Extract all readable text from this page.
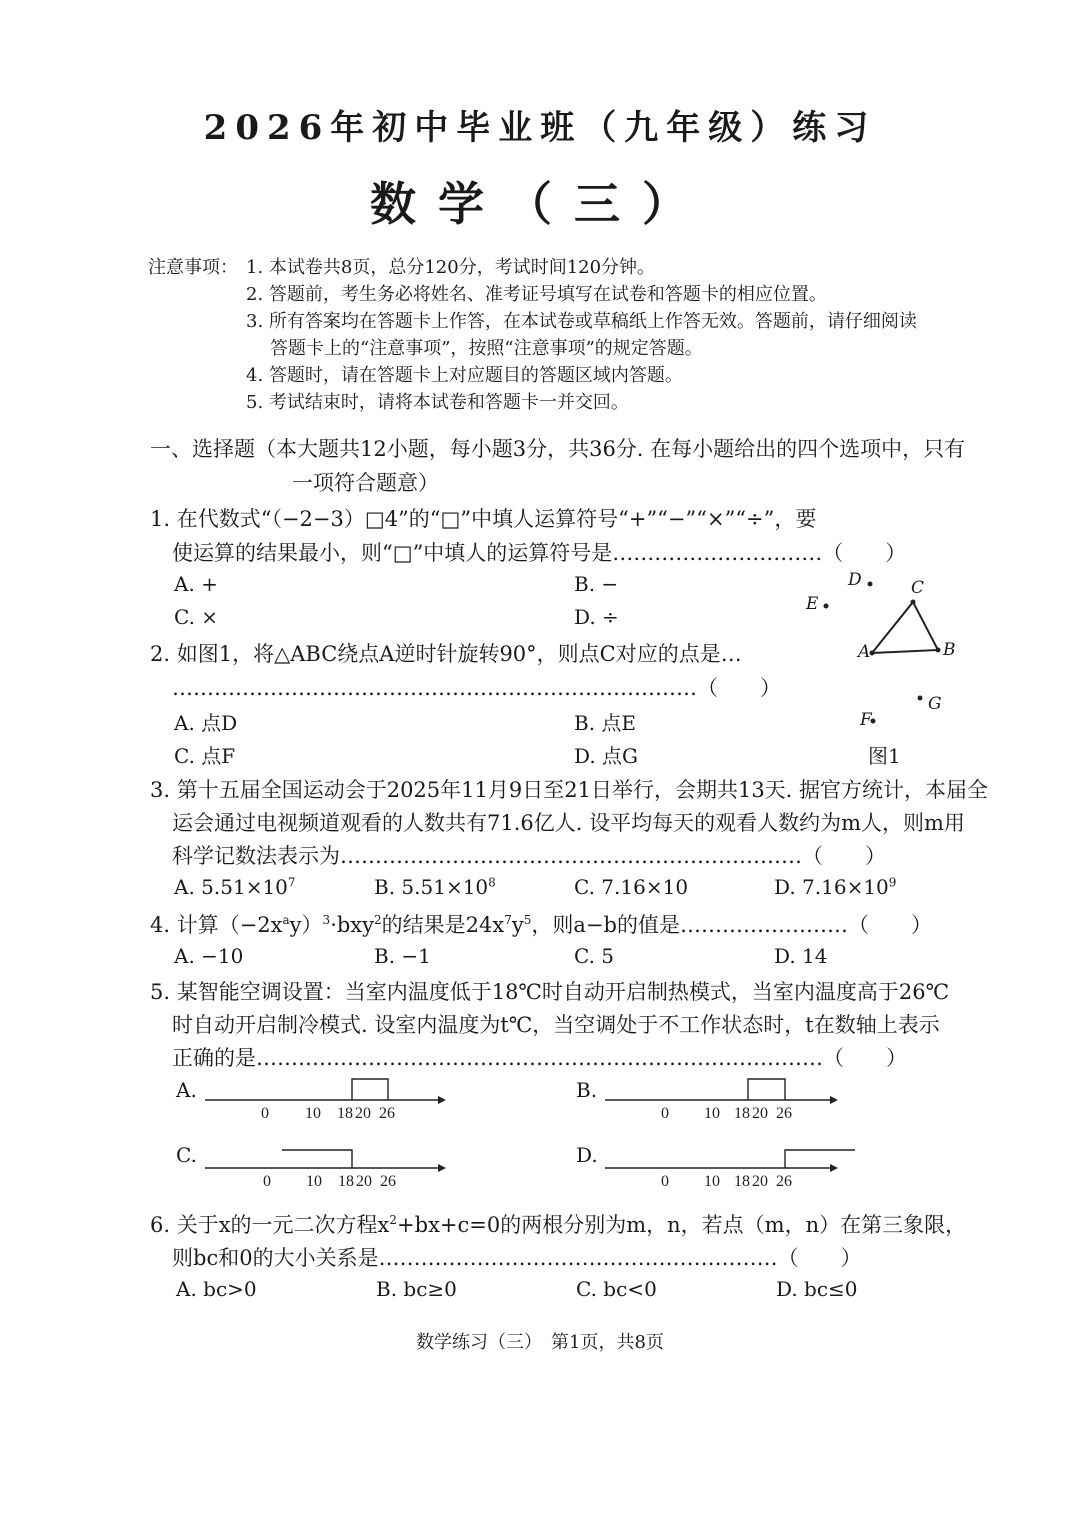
2026年初中毕业班（九年级）练习
数学（三）
注意事项： 1. 本试卷共8页，总分120分，考试时间120分钟。
2. 答题前，考生务必将姓名、准考证号填写在试卷和答题卡的相应位置。
3. 所有答案均在答题卡上作答，在本试卷或草稿纸上作答无效。答题前，请仔细阅读
答题卡上的“注意事项”，按照“注意事项”的规定答题。
4. 答题时，请在答题卡上对应题目的答题区域内答题。
5. 考试结束时，请将本试卷和答题卡一并交回。
一、选择题（本大题共12小题，每小题3分，共36分. 在每小题给出的四个选项中，只有
一项符合题意）
1. 在代数式“（−2−3）□4”的“□”中填人运算符号“+”“−”“×”“÷”，要
使运算的结果最小，则“□”中填人的运算符号是…………………………（　　）
A. +	B. −
C. ×	D. ÷
A	B
C
D
E
F
G
图1
2. 如图1，将△ABC绕点A逆时针旋转90°，则点C对应的点是…
…………………………………………………………………（　　）
A. 点D	B. 点E
C. 点F	D. 点G
3. 第十五届全国运动会于2025年11月9日至21日举行，会期共13天. 据官方统计，本届全
运会通过电视频道观看的人数共有71.6亿人. 设平均每天的观看人数约为m人，则m用
科学记数法表示为…………………………………………………………（　　）
A. $5.51\times 10^7$	B. $5.51\times 10^8$	C. 7.16×10	D. $7.16\times 10^9$
4. 计算$(-2x^ay)^3\cdot bxy^2$的结果是$24x^7y^5$，则a−b的值是……………………（　　）
A. −10	B. −1	C. 5	D. 14
5. 某智能空调设置：当室内温度低于18℃时自动开启制热模式，当室内温度高于26℃
时自动开启制冷模式. 设室内温度为t℃，当空调处于不工作状态时，t在数轴上表示
正确的是………………………………………………………………………（　　）
A.	B.
C.	D.
0 10 18 20 26	0 10 18 20 26
0 10 18 20 26	0 10 18 20 26
6. 关于x的一元二次方程$x^2+bx+c=0$的两根分别为m，n，若点（m，n）在第三象限，
则bc和0的大小关系是…………………………………………………（　　）
A. bc>0	B. bc≥0	C. bc<0	D. bc≤0
数学练习（三）　第1页，共8页
